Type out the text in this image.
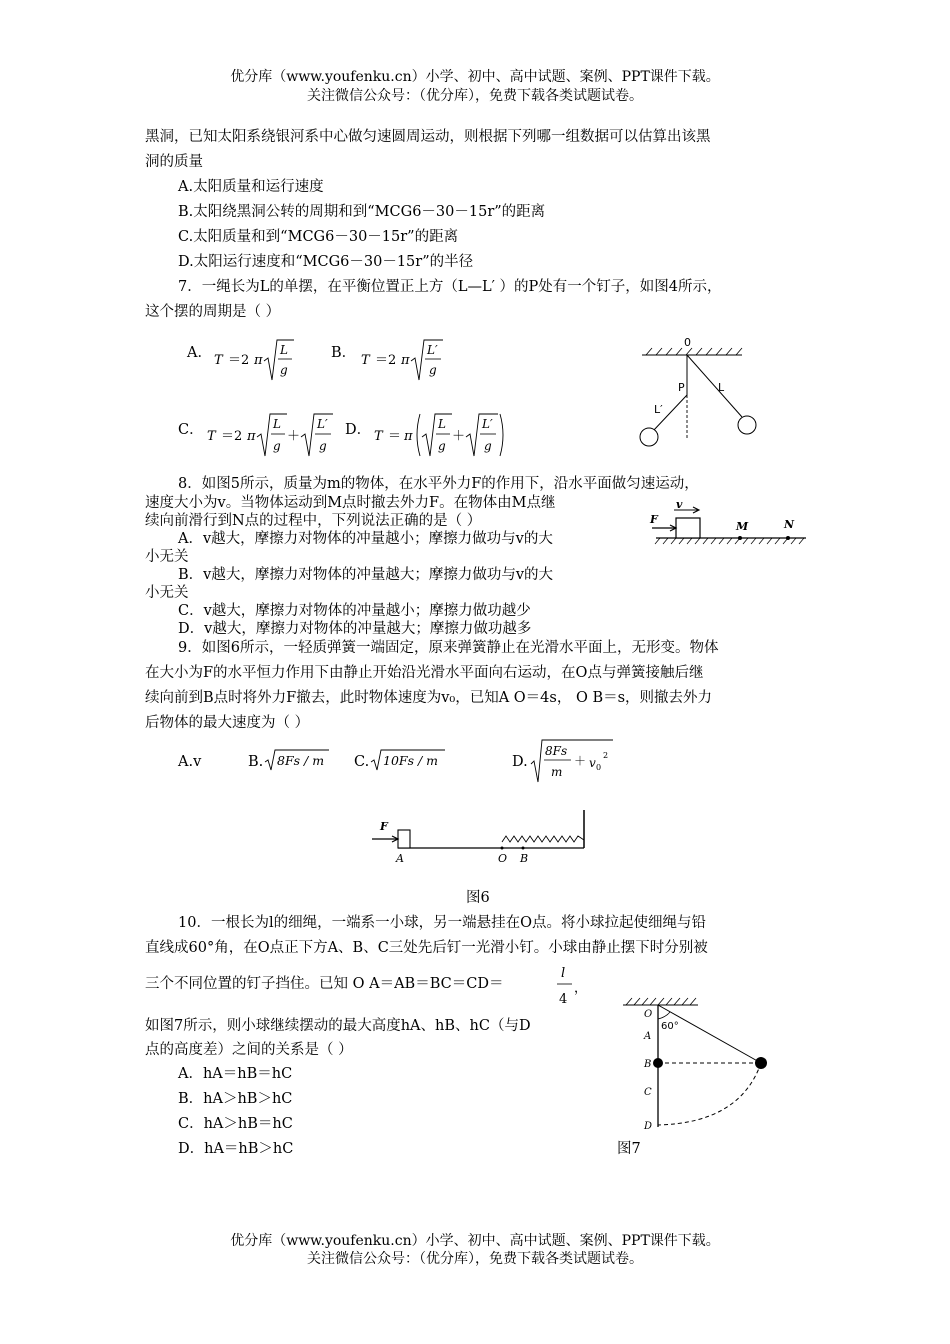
优分库（www.youfenku.cn）小学、初中、高中试题、案例、PPT课件下载。
关注微信公众号：（优分库），免费下载各类试题试卷。
黑洞，已知太阳系绕银河系中心做匀速圆周运动，则根据下列哪一组数据可以估算出该黑
洞的质量
A.太阳质量和运行速度
B.太阳绕黑洞公转的周期和到“MCG6－30－15r”的距离
C.太阳质量和到“MCG6－30－15r”的距离
D.太阳运行速度和“MCG6－30－15r”的半径
7．一绳长为L的单摆，在平衡位置正上方（L—L′ ）的P处有一个钉子，如图4所示，
这个摆的周期是（ ）
A．	B．
C．	D．
T ＝2 π
L
g
T ＝2 π
L′
g
T ＝2 π
L
g
＋
L′
g
T ＝ π
L
g
＋
L′
g
0
P	L
L′
8．如图5所示，质量为m的物体，在水平外力F的作用下，沿水平面做匀速运动，
速度大小为v。当物体运动到M点时撤去外力F。在物体由M点继
续向前滑行到N点的过程中，下列说法正确的是（ ）
A．v越大，摩擦力对物体的冲量越小；摩擦力做功与v的大
小无关
B．v越大，摩擦力对物体的冲量越大；摩擦力做功与v的大
小无关
C．v越大，摩擦力对物体的冲量越小；摩擦力做功越少
D．v越大，摩擦力对物体的冲量越大；摩擦力做功越多
F
v
M	N
9．如图6所示，一轻质弹簧一端固定，原来弹簧静止在光滑水平面上，无形变。物体
在大小为F的水平恒力作用下由静止开始沿光滑水平面向右运动，在O点与弹簧接触后继
续向前到B点时将外力F撤去，此时物体速度为v₀，已知A O＝4s， O B＝s，则撤去外力
后物体的最大速度为（ ）
A.v	B.	C.	D.
8Fs / m	10Fs / m
8Fs
m
＋ v 0
2
F
A	O B
图6
10．一根长为l的细绳，一端系一小球，另一端悬挂在O点。将小球拉起使细绳与铅
直线成60°角，在O点正下方A、B、C三处先后钉一光滑小钉。小球由静止摆下时分别被
三个不同位置的钉子挡住。已知 O A＝AB＝BC＝CD＝
l
4
，
如图7所示，则小球继续摆动的最大高度hA、hB、hC（与D
点的高度差）之间的关系是（ ）
A．hA＝hB＝hC
B．hA＞hB＞hC
C．hA＞hB＝hC
D．hA＝hB＞hC
O
60°
A
B
C
D
图7
优分库（www.youfenku.cn）小学、初中、高中试题、案例、PPT课件下载。
关注微信公众号：（优分库），免费下载各类试题试卷。
